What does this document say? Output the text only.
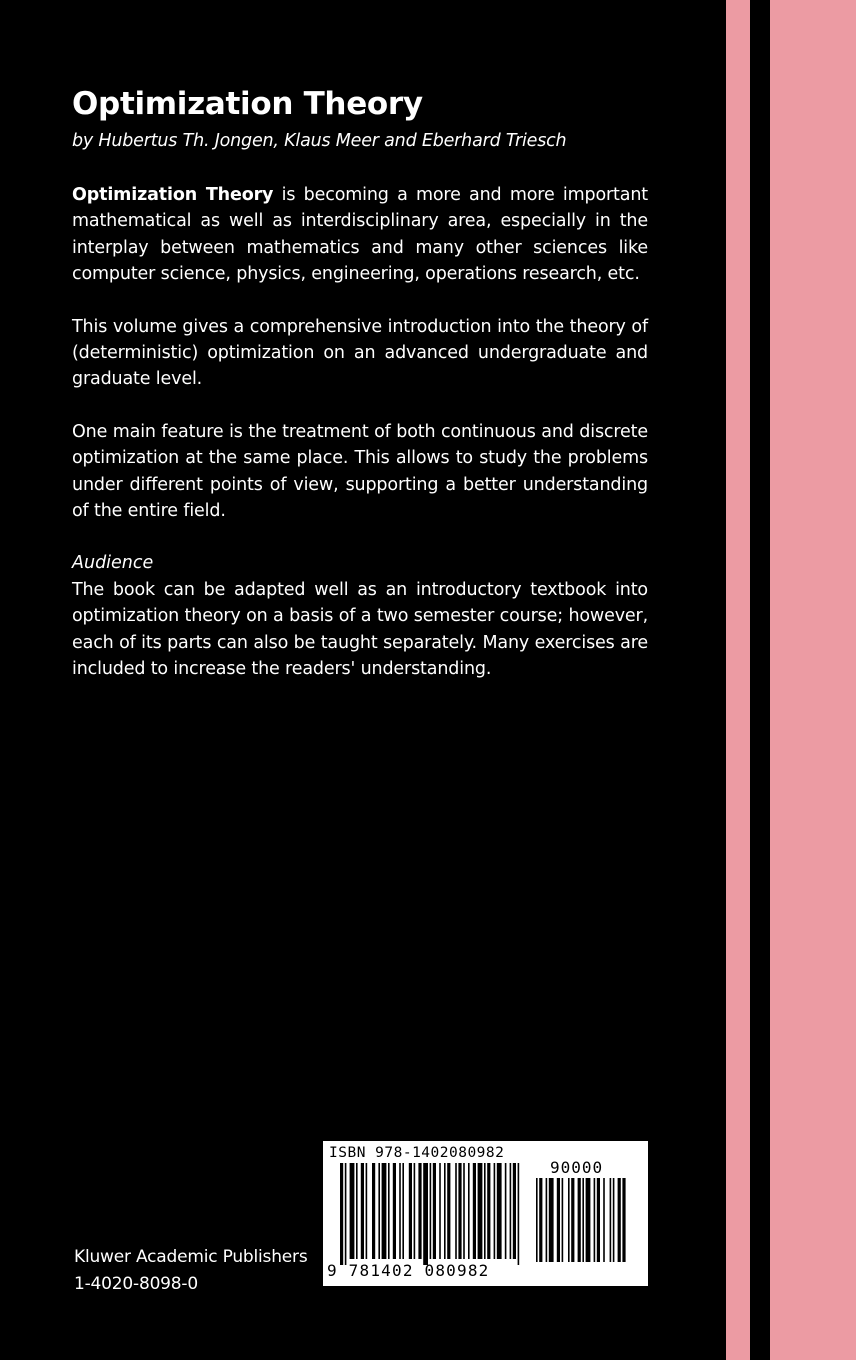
Optimization Theory

by Hubertus Th. Jongen, Klaus Meer and Eberhard Triesch

Optimization Theory is becoming a more and more important mathematical as well as interdisciplinary area, especially in the interplay between mathematics and many other sciences like computer science, physics, engineering, operations research, etc.

This volume gives a comprehensive introduction into the theory of (deterministic) optimization on an advanced undergraduate and graduate level.

One main feature is the treatment of both continuous and discrete optimization at the same place. This allows to study the problems under different points of view, supporting a better understanding of the entire field.

Audience

The book can be adapted well as an introductory textbook into optimization theory on a basis of a two semester course; however, each of its parts can also be taught separately. Many exercises are included to increase the readers' understanding.

Kluwer Academic Publishers
1-4020-8098-0
ISBN 978-1402080982
90000
9 781402 080982
